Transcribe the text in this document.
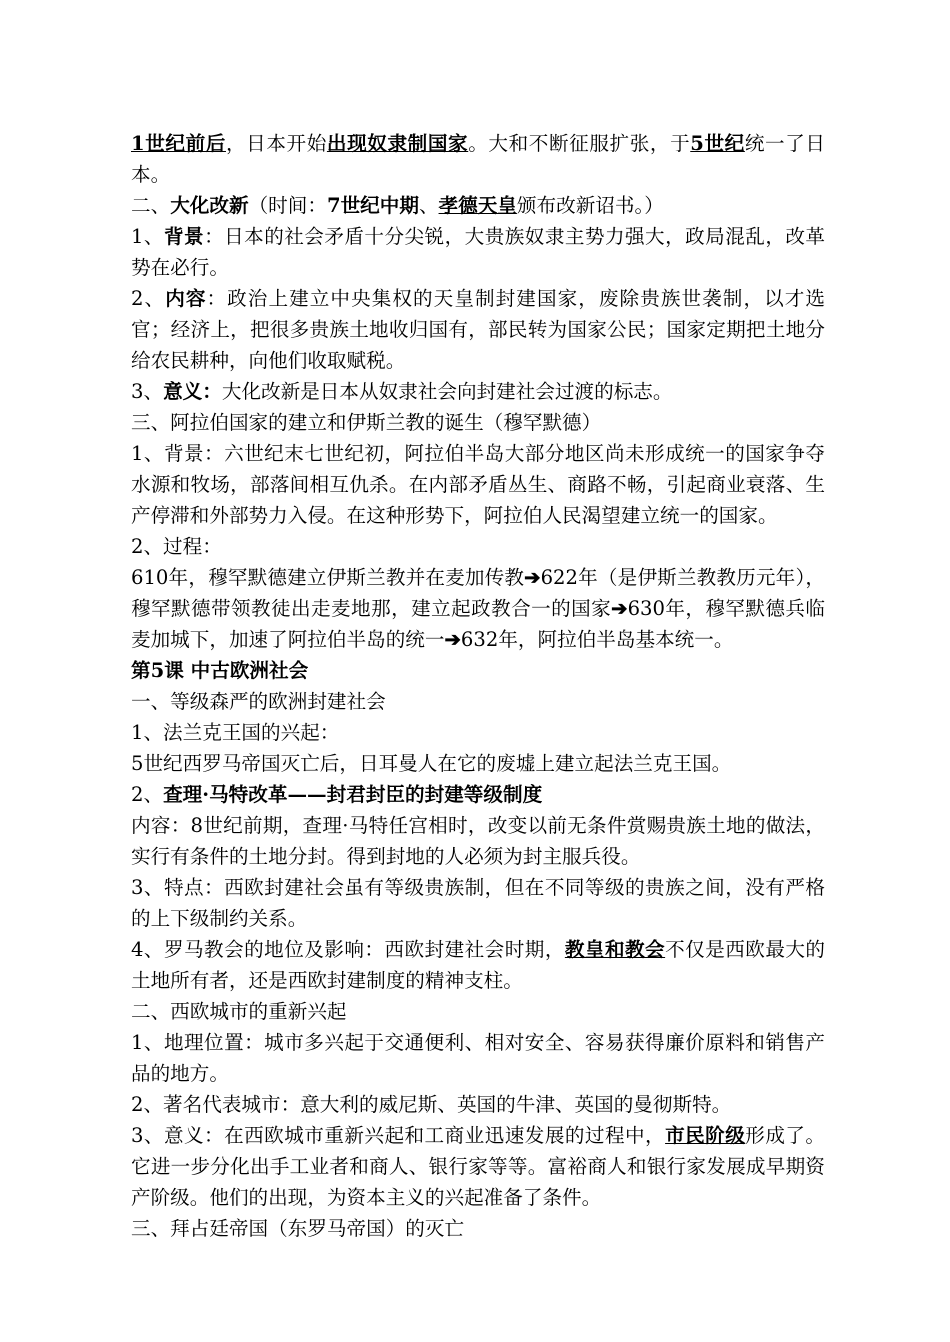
1世纪前后，日本开始出现奴隶制国家。大和不断征服扩张，于5世纪统一了日本。

二、大化改新（时间：7世纪中期、孝德天皇颁布改新诏书。）

1、背景：日本的社会矛盾十分尖锐，大贵族奴隶主势力强大，政局混乱，改革势在必行。

2、内容：政治上建立中央集权的天皇制封建国家，废除贵族世袭制，以才选官；经济上，把很多贵族土地收归国有，部民转为国家公民；国家定期把土地分给农民耕种，向他们收取赋税。

3、意义：大化改新是日本从奴隶社会向封建社会过渡的标志。

三、阿拉伯国家的建立和伊斯兰教的诞生（穆罕默德）

1、背景：六世纪末七世纪初，阿拉伯半岛大部分地区尚未形成统一的国家争夺水源和牧场，部落间相互仇杀。在内部矛盾丛生、商路不畅，引起商业衰落、生产停滞和外部势力入侵。在这种形势下，阿拉伯人民渴望建立统一的国家。

2、过程：

610年，穆罕默德建立伊斯兰教并在麦加传教➔622年（是伊斯兰教教历元年），穆罕默德带领教徒出走麦地那，建立起政教合一的国家➔630年，穆罕默德兵临麦加城下，加速了阿拉伯半岛的统一➔632年，阿拉伯半岛基本统一。

第5课 中古欧洲社会

一、等级森严的欧洲封建社会

1、法兰克王国的兴起：

5世纪西罗马帝国灭亡后，日耳曼人在它的废墟上建立起法兰克王国。

2、查理·马特改革——封君封臣的封建等级制度

内容：8世纪前期，查理·马特任宫相时，改变以前无条件赏赐贵族土地的做法，实行有条件的土地分封。得到封地的人必须为封主服兵役。

3、特点：西欧封建社会虽有等级贵族制，但在不同等级的贵族之间，没有严格的上下级制约关系。

4、罗马教会的地位及影响：西欧封建社会时期，教皇和教会不仅是西欧最大的土地所有者，还是西欧封建制度的精神支柱。

二、西欧城市的重新兴起

1、地理位置：城市多兴起于交通便利、相对安全、容易获得廉价原料和销售产品的地方。

2、著名代表城市：意大利的威尼斯、英国的牛津、英国的曼彻斯特。

3、意义：在西欧城市重新兴起和工商业迅速发展的过程中，市民阶级形成了。它进一步分化出手工业者和商人、银行家等等。富裕商人和银行家发展成早期资产阶级。他们的出现，为资本主义的兴起准备了条件。

三、拜占廷帝国（东罗马帝国）的灭亡
